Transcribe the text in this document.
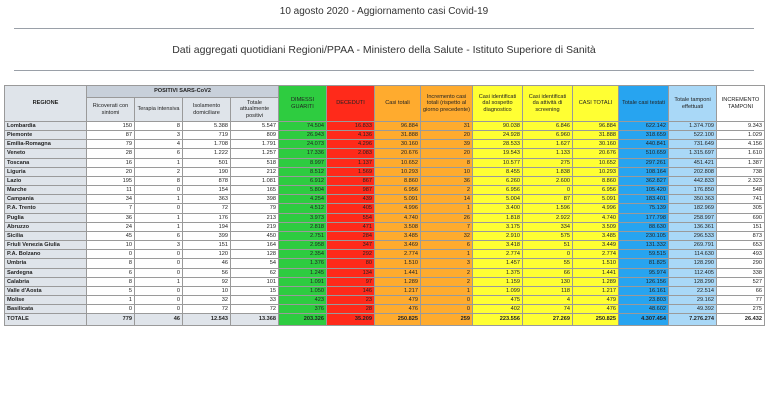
10 agosto 2020 - Aggiornamento casi Covid-19
Dati aggregati quotidiani Regioni/PPAA - Ministero della Salute - Istituto Superiore di Sanità
REGIONE	POSITIVI SARS-CoV2				DIMESSI GUARITI	DECEDUTI	Casi totali	Incremento casi totali (rispetto al giorno precedente)	Casi identificati dal sospetto diagnostico	Casi identificati da attività di screening	CASI TOTALI	Totale casi testati	Totale tamponi effettuati	INCREMENTO TAMPONI
	Ricoverati con sintomi	Terapia intensiva	Isolamento domiciliare	Totale attualmente positivi										
Lombardia	150	8	5.388	5.547	74.504	16.833	96.884	31	90.038	6.846	96.884	622.142	1.374.709	9.343
Piemonte	87	3	719	809	26.943	4.136	31.888	20	24.928	6.960	31.888	318.659	522.100	1.029
Emilia-Romagna	79	4	1.708	1.791	24.073	4.296	30.160	39	28.533	1.627	30.160	440.841	731.649	4.156
Veneto	28	6	1.222	1.257	17.336	2.083	20.676	20	19.543	1.133	20.676	510.659	1.315.697	1.610
Toscana	16	1	501	518	8.997	1.137	10.652	8	10.577	275	10.652	297.261	451.421	1.387
Liguria	20	2	190	212	8.512	1.569	10.293	10	8.455	1.838	10.293	108.164	202.808	738
Lazio	195	8	878	1.081	6.912	867	8.860	36	6.260	2.600	8.860	362.827	442.833	2.323
Marche	11	0	154	165	5.804	987	6.956	2	6.956	0	6.956	105.420	176.850	548
Campania	34	1	363	398	4.254	439	5.091	14	5.004	87	5.091	183.401	350.363	741
P.A. Trento	7	0	72	79	4.512	405	4.996	1	3.400	1.596	4.996	75.139	182.969	305
Puglia	36	1	176	213	3.973	554	4.740	26	1.818	2.922	4.740	177.798	258.997	690
Abruzzo	24	1	194	219	2.818	471	3.508	7	3.175	334	3.509	88.630	136.361	151
Sicilia	45	6	399	450	2.751	284	3.485	32	2.910	575	3.485	230.105	296.533	873
Friuli Venezia Giulia	10	3	151	164	2.958	347	3.469	6	3.418	51	3.449	131.332	269.791	653
P.A. Bolzano	0	0	120	128	2.354	292	2.774	1	2.774	0	2.774	59.515	114.630	493
Umbria	8	0	46	54	1.376	80	1.510	3	1.457	55	1.510	81.825	128.290	290
Sardegna	6	0	56	62	1.245	134	1.441	2	1.375	66	1.441	95.974	112.405	338
Calabria	8	1	92	101	1.091	97	1.289	2	1.159	130	1.289	126.156	128.290	527
Valle d'Aosta	5	0	10	15	1.050	146	1.217	1	1.099	118	1.217	16.161	22.514	66
Molise	1	0	32	33	423	23	479	0	475	4	479	23.803	29.162	77
Basilicata	0	0	72	72	376	28	476	0	402	74	476	48.602	49.392	275
TOTALE	779	46	12.543	13.368	203.326	35.209	250.825	259	223.556	27.269	250.825	4.307.454	7.276.274	26.432
